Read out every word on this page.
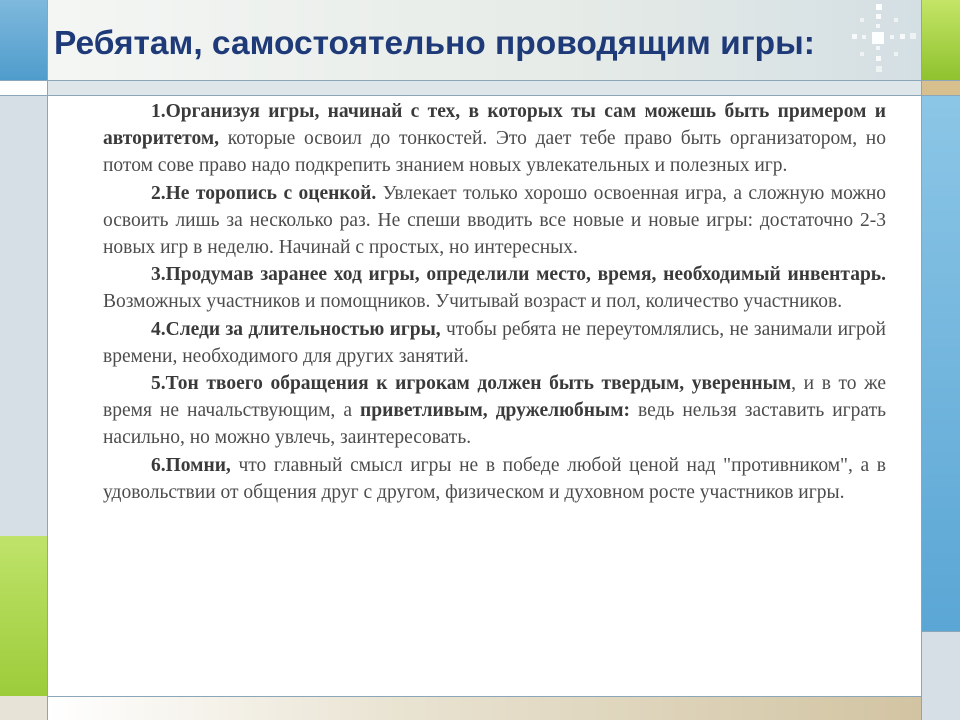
Ребятам, самостоятельно проводящим игры:

1.Организуя игры, начинай с тех, в которых ты сам можешь быть примером и авторитетом, которые освоил до тонкостей. Это дает тебе право быть организатором, но потом сове право надо подкрепить знанием новых увлекательных и полезных игр.

2.Не торопись с оценкой. Увлекает только хорошо освоенная игра, а сложную можно освоить лишь за несколько раз. Не спеши вводить все новые и новые игры: достаточно 2-3 новых игр в неделю. Начинай с простых, но интересных.

3.Продумав заранее ход игры, определили место, время, необходимый инвентарь. Возможных участников и помощников. Учитывай возраст и пол, количество участников.

4.Следи за длительностью игры, чтобы ребята не переутомлялись, не занимали игрой времени, необходимого для других занятий.

5.Тон твоего обращения к игрокам должен быть твердым, уверенным, и в то же время не начальствующим, а приветливым, дружелюбным: ведь нельзя заставить играть насильно, но можно увлечь, заинтересовать.

6.Помни, что главный смысл игры не в победе любой ценой над "противником", а в удовольствии от общения друг с другом, физическом и духовном росте участников игры.
